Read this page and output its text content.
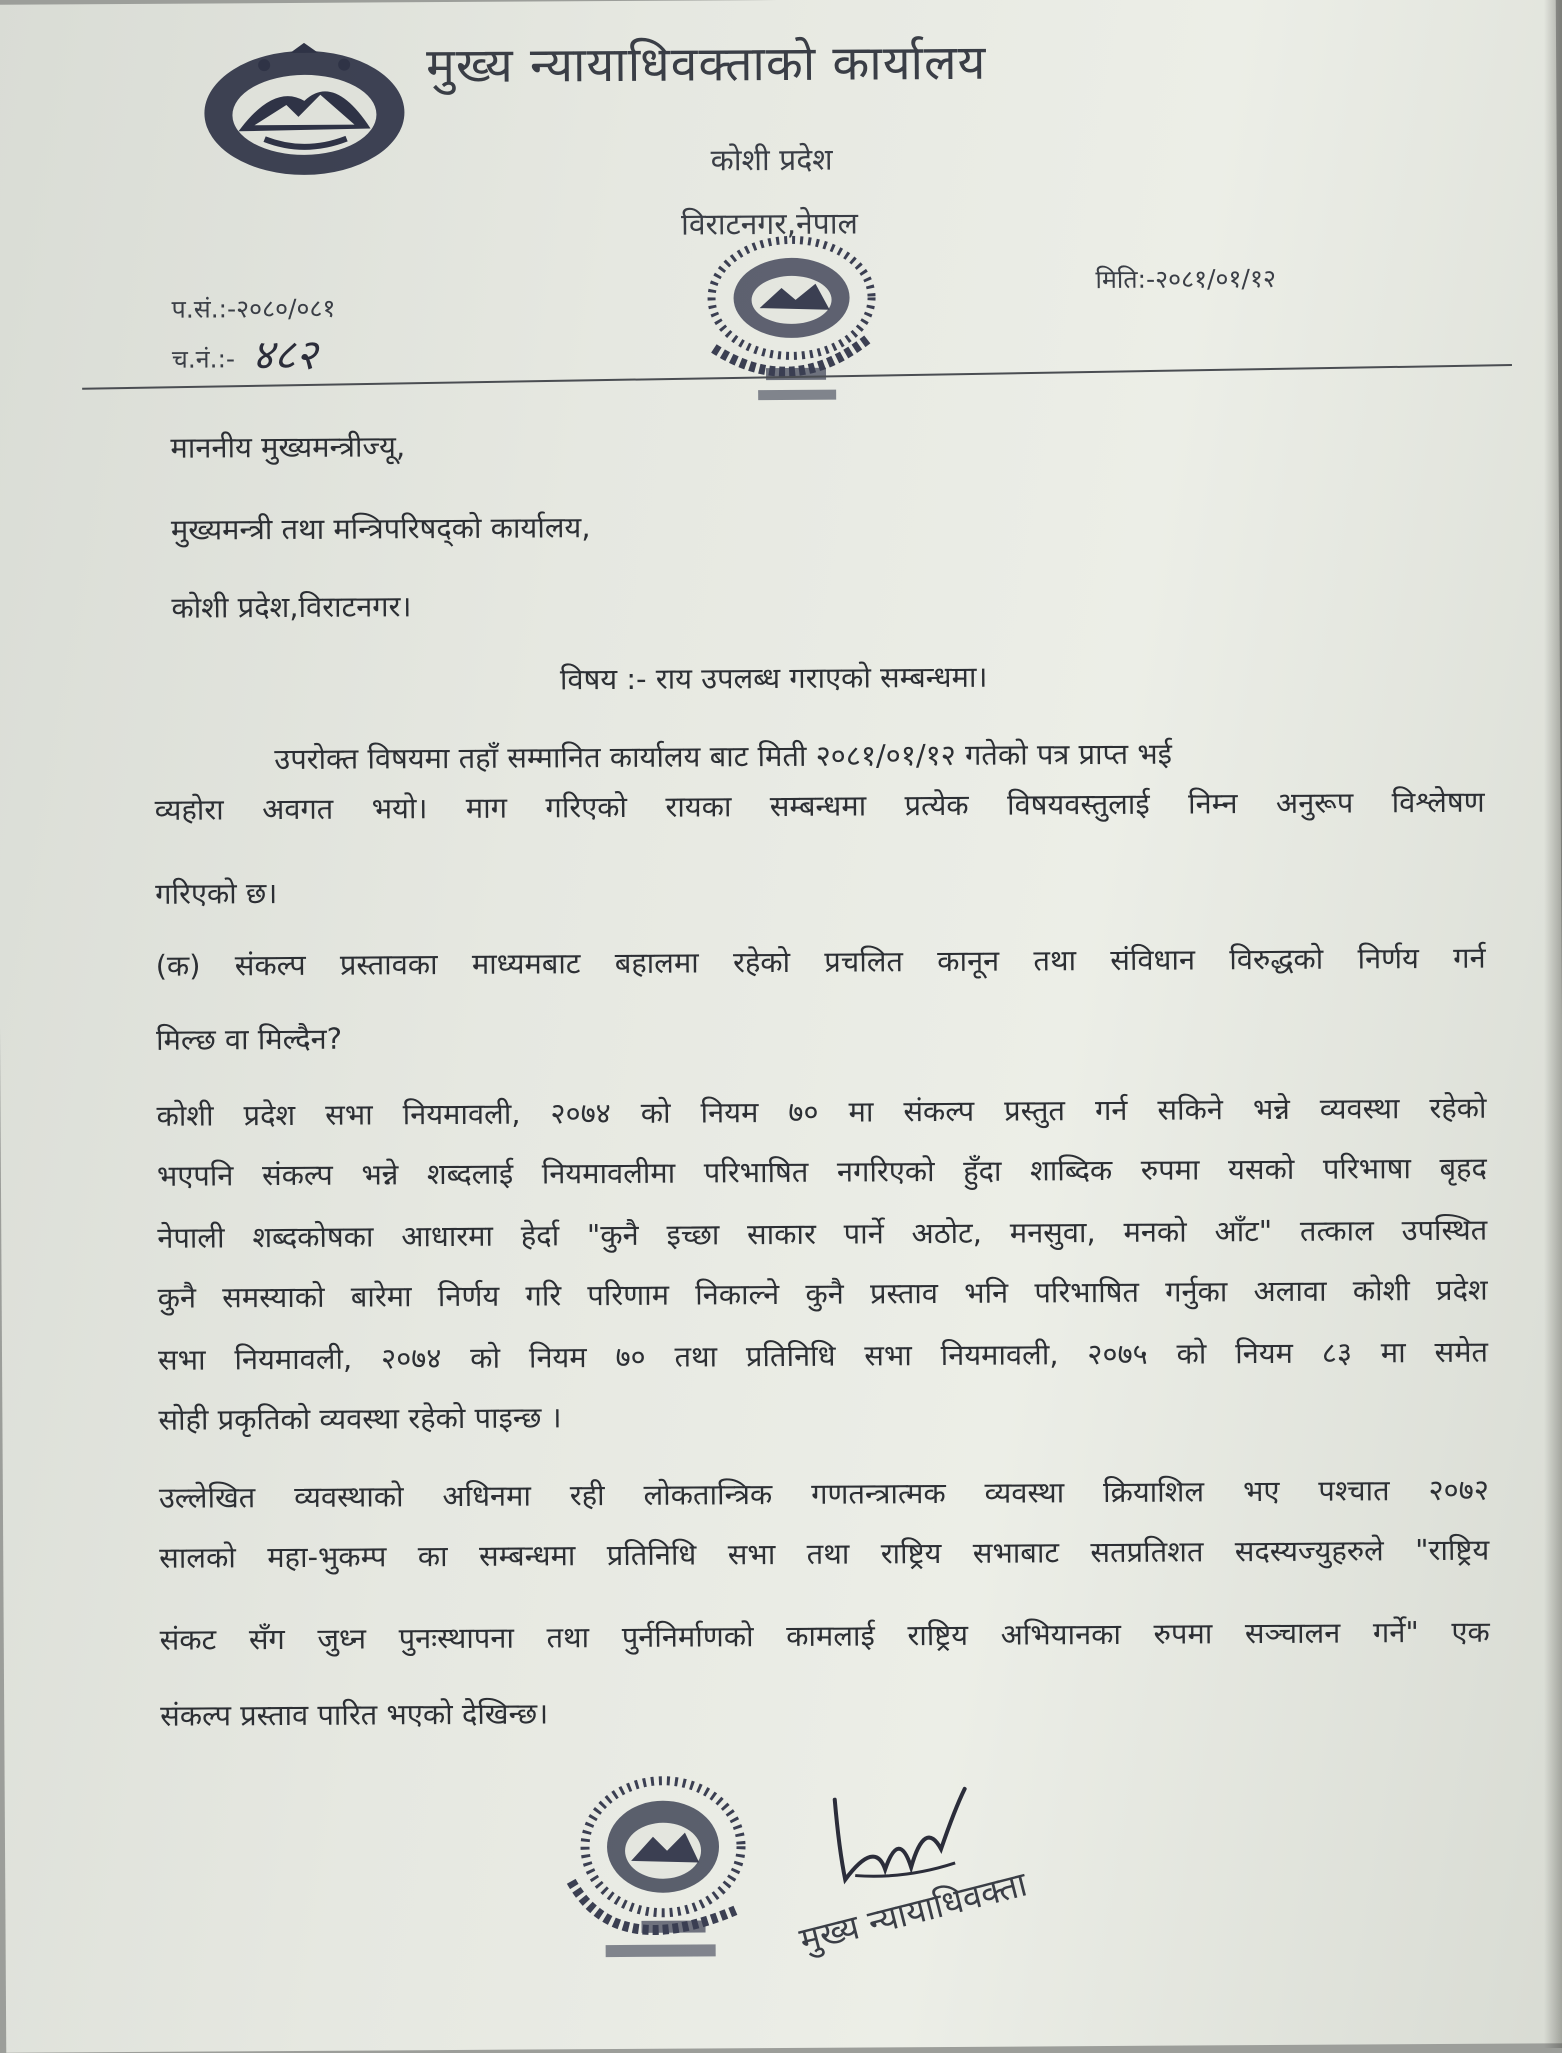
मुख्य न्यायाधिवक्ताको कार्यालय
कोशी प्रदेश
विराटनगर,नेपाल
प.सं.:-२०८०/०८१
च.नं.:- ४८२
मिति:-२०८१/०१/१२
माननीय मुख्यमन्त्रीज्यू,
मुख्यमन्त्री तथा मन्त्रिपरिषद्को कार्यालय,
कोशी प्रदेश,विराटनगर।
विषय :- राय उपलब्ध गराएको सम्बन्धमा।
उपरोक्त विषयमा तहाँ सम्मानित कार्यालय बाट मिती २०८१/०१/१२ गतेको पत्र प्राप्त भई
व्यहोरा अवगत भयो। माग गरिएको रायका सम्बन्धमा प्रत्येक विषयवस्तुलाई निम्न अनुरूप विश्लेषण
गरिएको छ।
(क) संकल्प प्रस्तावका माध्यमबाट बहालमा रहेको प्रचलित कानून तथा संविधान विरुद्धको निर्णय गर्न
मिल्छ वा मिल्दैन?
कोशी प्रदेश सभा नियमावली, २०७४ को नियम ७० मा संकल्प प्रस्तुत गर्न सकिने भन्ने व्यवस्था रहेको
भएपनि संकल्प भन्ने शब्दलाई नियमावलीमा परिभाषित नगरिएको हुँदा शाब्दिक रुपमा यसको परिभाषा बृहद
नेपाली शब्दकोषका आधारमा हेर्दा "कुनै इच्छा साकार पार्ने अठोट, मनसुवा, मनको आँट" तत्काल उपस्थित
कुनै समस्याको बारेमा निर्णय गरि परिणाम निकाल्ने कुनै प्रस्ताव भनि परिभाषित गर्नुका अलावा कोशी प्रदेश
सभा नियमावली, २०७४ को नियम ७० तथा प्रतिनिधि सभा नियमावली, २०७५ को नियम ८३ मा समेत
सोही प्रकृतिको व्यवस्था रहेको पाइन्छ ।
उल्लेखित व्यवस्थाको अधिनमा रही लोकतान्त्रिक गणतन्त्रात्मक व्यवस्था क्रियाशिल भए पश्चात २०७२
सालको महा-भुकम्प का सम्बन्धमा प्रतिनिधि सभा तथा राष्ट्रिय सभाबाट सतप्रतिशत सदस्यज्युहरुले "राष्ट्रिय
संकट सँग जुध्न पुनःस्थापना तथा पुर्ननिर्माणको कामलाई राष्ट्रिय अभियानका रुपमा सञ्चालन गर्ने" एक
संकल्प प्रस्ताव पारित भएको देखिन्छ।
मुख्य न्यायाधिवक्ता
